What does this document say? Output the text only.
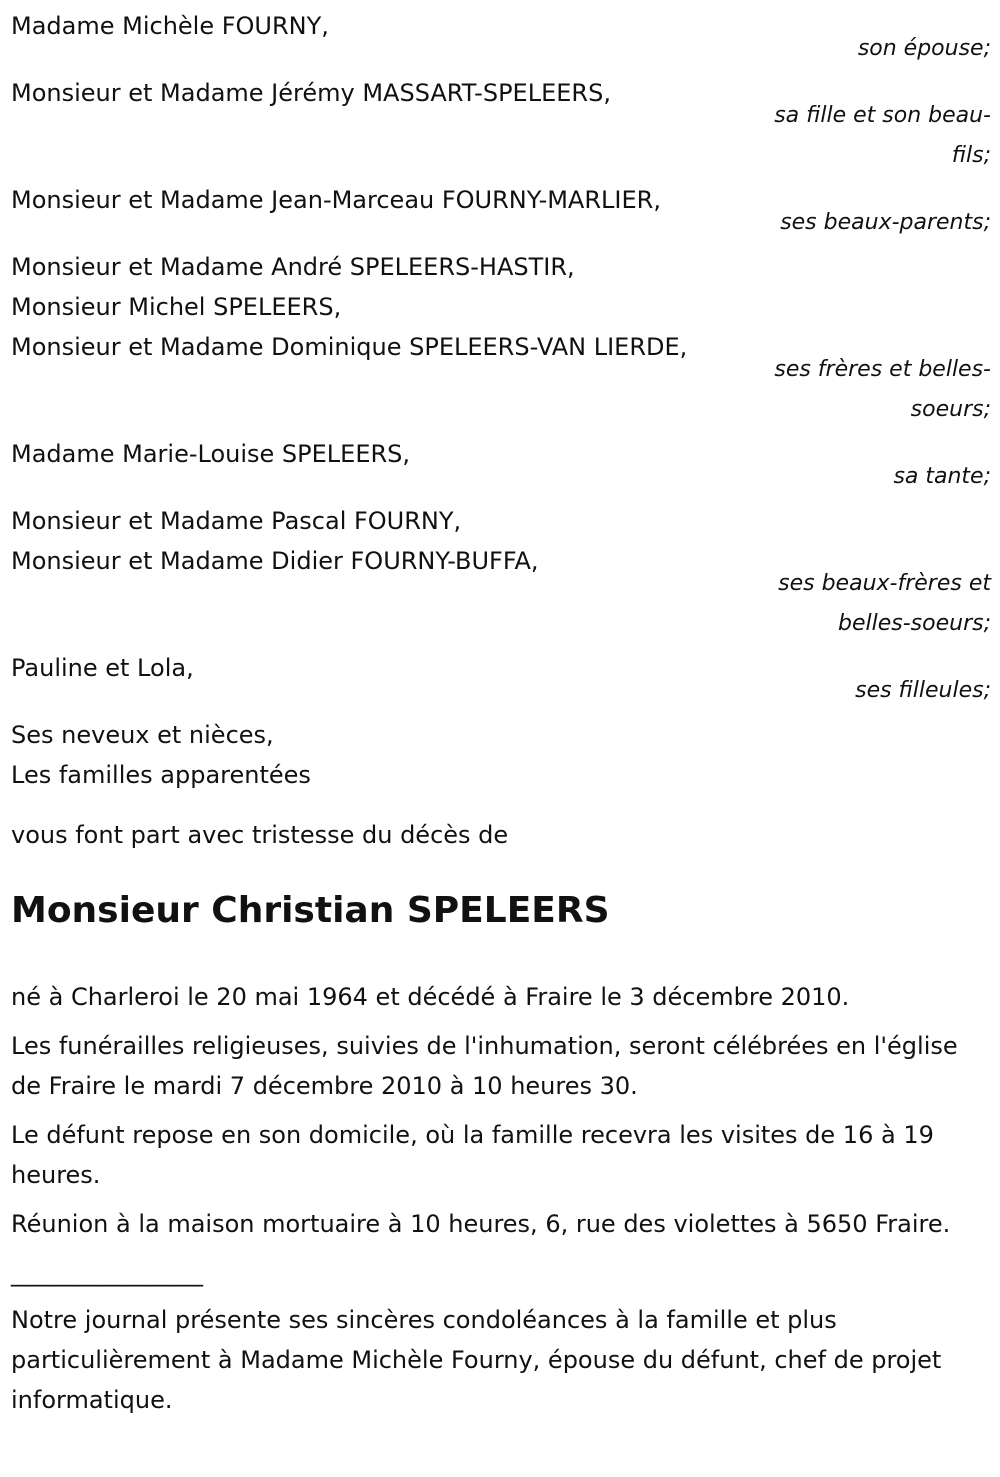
Madame Michèle FOURNY,
son épouse;
Monsieur et Madame Jérémy MASSART-SPELEERS,
sa fille et son beau-fils;
Monsieur et Madame Jean-Marceau FOURNY-MARLIER,
ses beaux-parents;
Monsieur et Madame André SPELEERS-HASTIR,
Monsieur Michel SPELEERS,
Monsieur et Madame Dominique SPELEERS-VAN LIERDE,
ses frères et belles-soeurs;
Madame Marie-Louise SPELEERS,
sa tante;
Monsieur et Madame Pascal FOURNY,
Monsieur et Madame Didier FOURNY-BUFFA,
ses beaux-frères et belles-soeurs;
Pauline et Lola,
ses filleules;
Ses neveux et nièces,
Les familles apparentées
vous font part avec tristesse du décès de
Monsieur Christian SPELEERS
né à Charleroi le 20 mai 1964 et décédé à Fraire le 3 décembre 2010.
Les funérailles religieuses, suivies de l'inhumation, seront célébrées en l'église de Fraire le mardi 7 décembre 2010 à 10 heures 30.
Le défunt repose en son domicile, où la famille recevra les visites de 16 à 19 heures.
Réunion à la maison mortuaire à 10 heures, 6, rue des violettes à 5650 Fraire.
________________
Notre journal présente ses sincères condoléances à la famille et plus particulièrement à Madame Michèle Fourny, épouse du défunt, chef de projet informatique.
